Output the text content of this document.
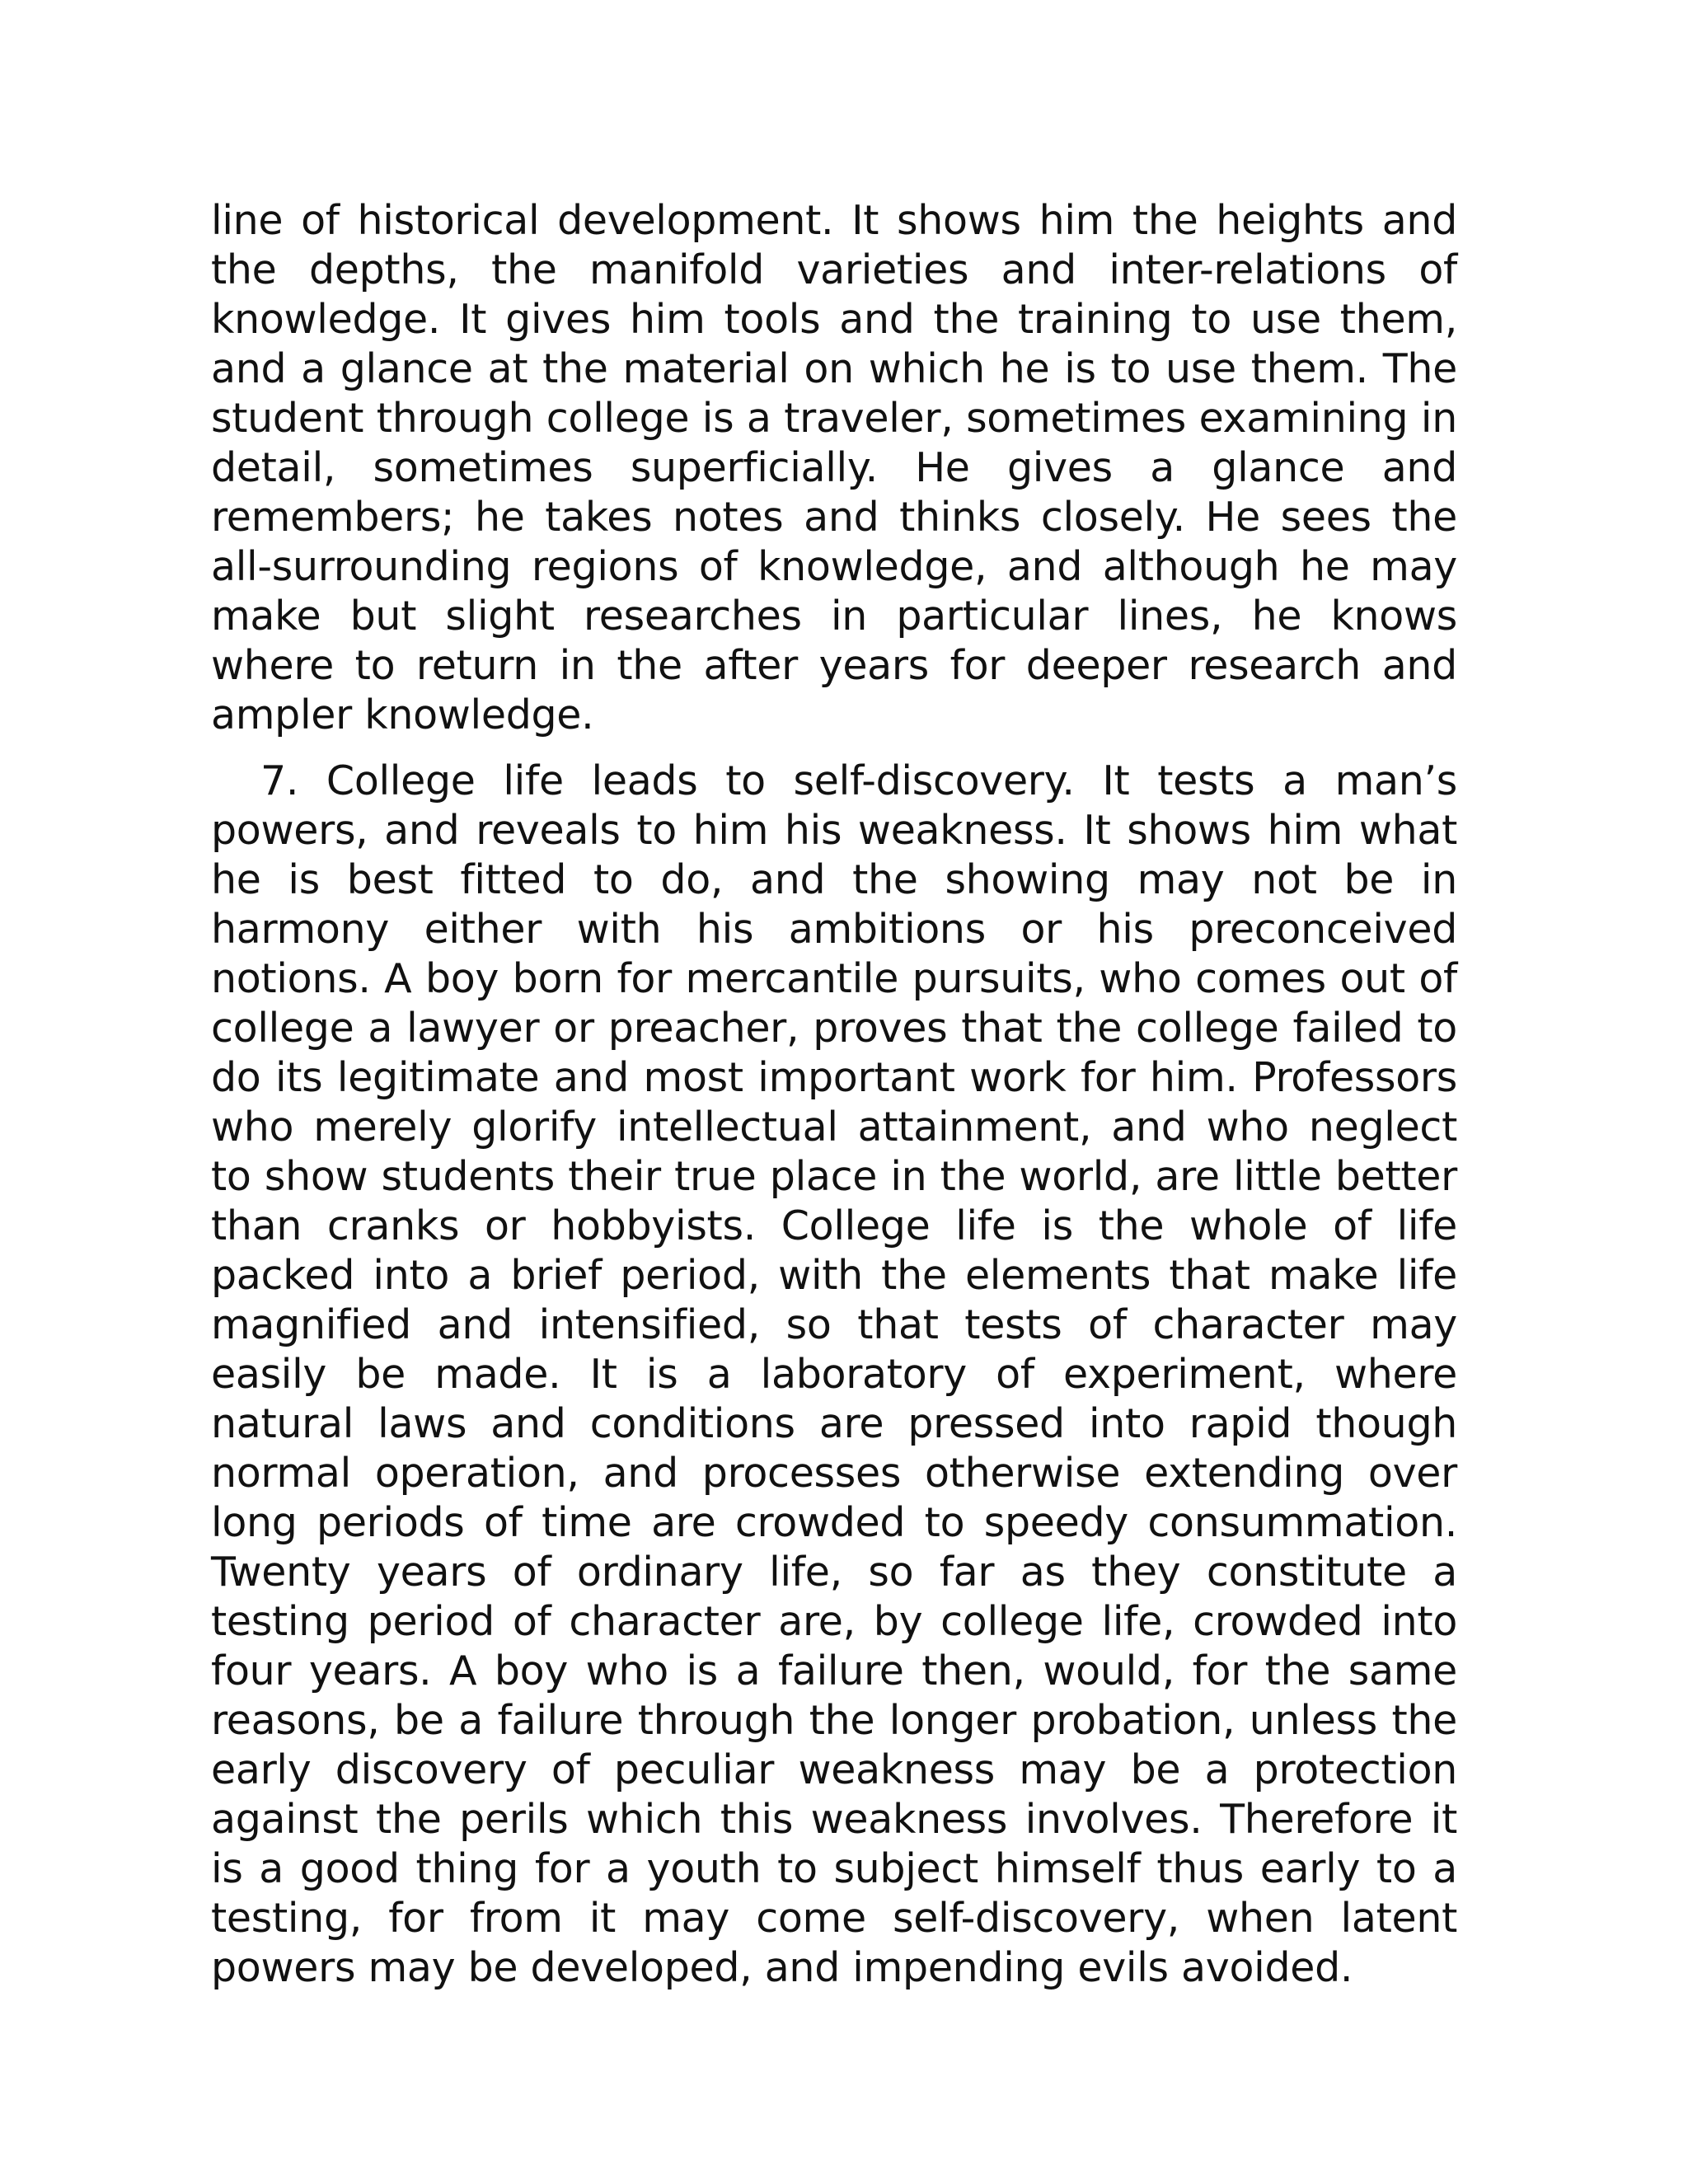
line of historical development. It shows him the heights and the depths, the manifold varieties and inter-relations of knowledge. It gives him tools and the training to use them, and a glance at the material on which he is to use them. The student through college is a traveler, sometimes examining in detail, sometimes superficially. He gives a glance and remembers; he takes notes and thinks closely. He sees the all-surrounding regions of knowledge, and although he may make but slight researches in particular lines, he knows where to return in the after years for deeper research and ampler knowledge.

7. College life leads to self-discovery. It tests a man’s powers, and reveals to him his weakness. It shows him what he is best fitted to do, and the showing may not be in harmony either with his ambitions or his preconceived notions. A boy born for mercantile pursuits, who comes out of college a lawyer or preacher, proves that the college failed to do its legitimate and most important work for him. Professors who merely glorify intellectual attainment, and who neglect to show students their true place in the world, are little better than cranks or hobbyists. College life is the whole of life packed into a brief period, with the elements that make life magnified and intensified, so that tests of character may easily be made. It is a laboratory of experiment, where natural laws and conditions are pressed into rapid though normal operation, and processes otherwise extending over long periods of time are crowded to speedy consummation. Twenty years of ordinary life, so far as they constitute a testing period of character are, by college life, crowded into four years. A boy who is a failure then, would, for the same reasons, be a failure through the longer probation, unless the early discovery of peculiar weakness may be a protection against the perils which this weakness involves. Therefore it is a good thing for a youth to subject himself thus early to a testing, for from it may come self-discovery, when latent powers may be developed, and impending evils avoided.
